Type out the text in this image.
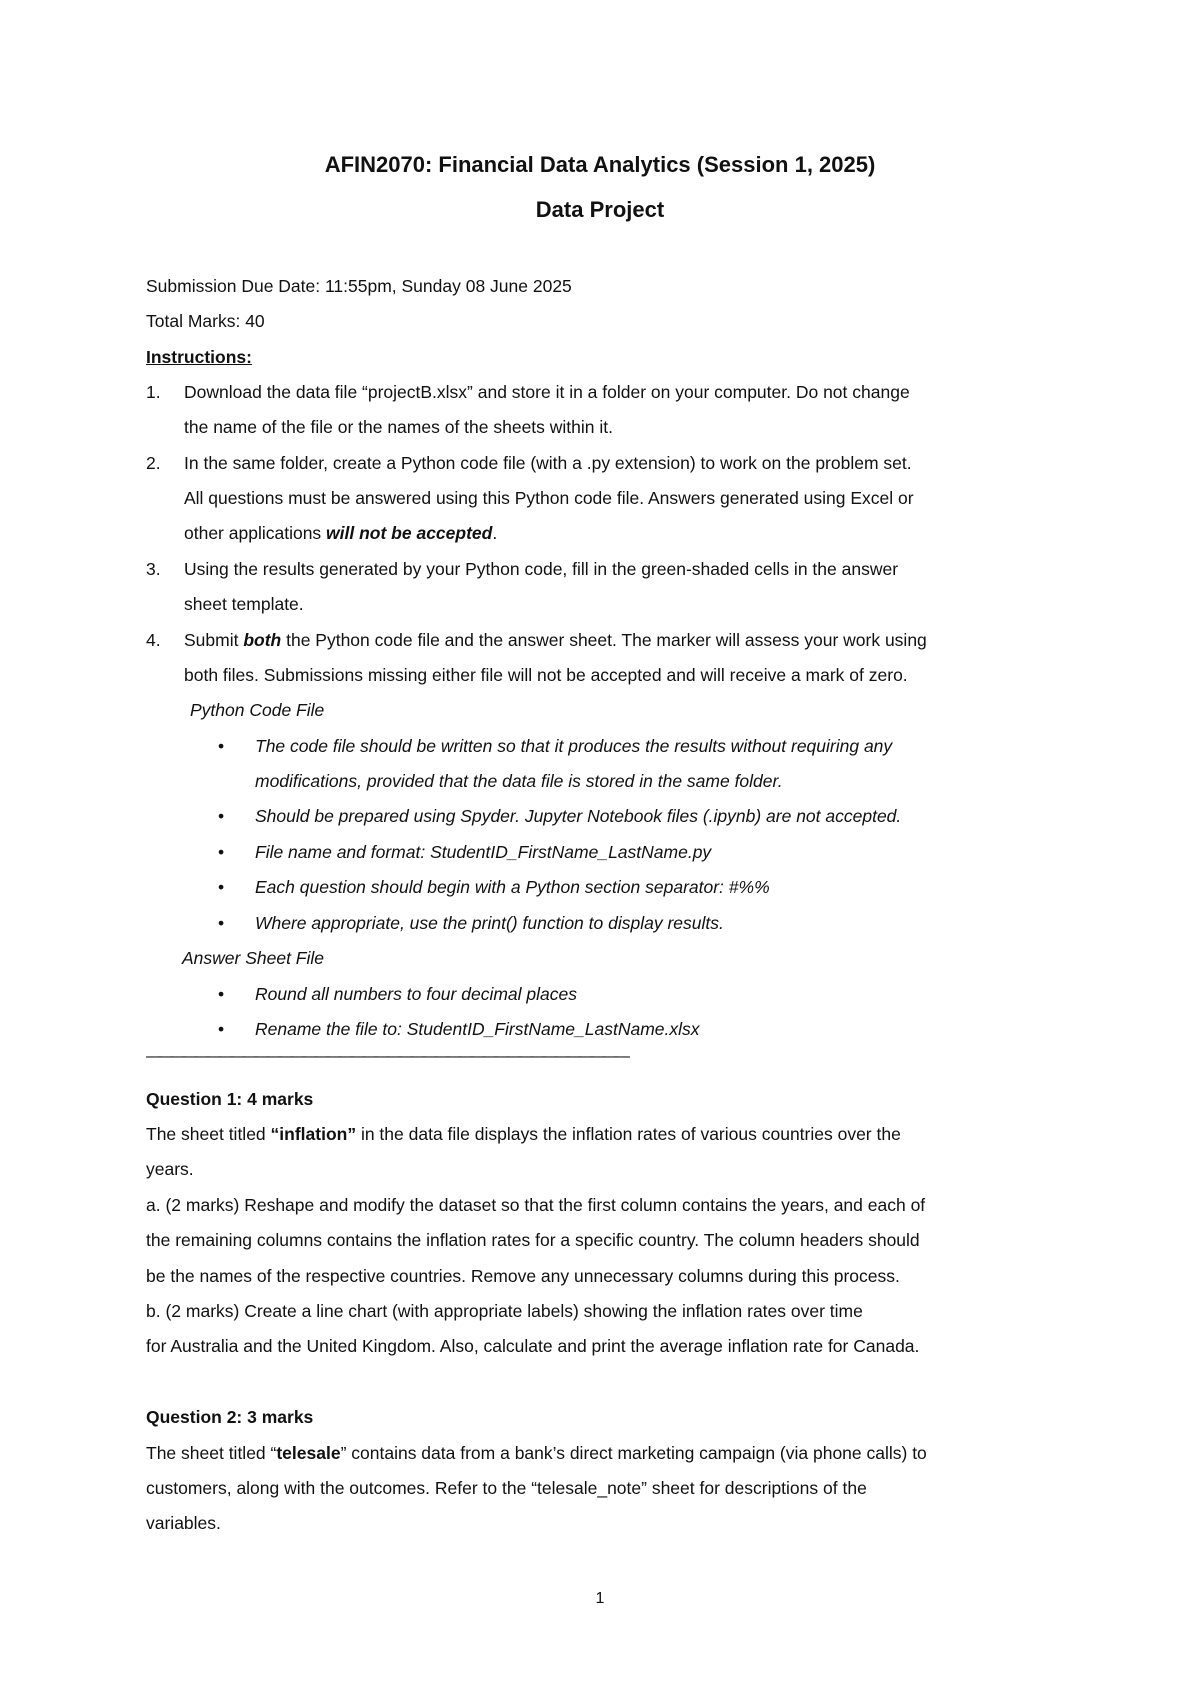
AFIN2070: Financial Data Analytics (Session 1, 2025)
Data Project
Submission Due Date: 11:55pm, Sunday 08 June 2025
Total Marks: 40
Instructions:
1. Download the data file “projectB.xlsx” and store it in a folder on your computer. Do not change
the name of the file or the names of the sheets within it.
2. In the same folder, create a Python code file (with a .py extension) to work on the problem set.
All questions must be answered using this Python code file. Answers generated using Excel or
other applications will not be accepted.
3. Using the results generated by your Python code, fill in the green-shaded cells in the answer
sheet template.
4. Submit both the Python code file and the answer sheet. The marker will assess your work using
both files. Submissions missing either file will not be accepted and will receive a mark of zero.
Python Code File
• The code file should be written so that it produces the results without requiring any
modifications, provided that the data file is stored in the same folder.
• Should be prepared using Spyder. Jupyter Notebook files (.ipynb) are not accepted.
• File name and format: StudentID_FirstName_LastName.py
• Each question should begin with a Python section separator: #%%
• Where appropriate, use the print() function to display results.
Answer Sheet File
• Round all numbers to four decimal places
• Rename the file to: StudentID_FirstName_LastName.xlsx
————————————————————————————————————————
Question 1: 4 marks
The sheet titled “inflation” in the data file displays the inflation rates of various countries over the
years.
a. (2 marks) Reshape and modify the dataset so that the first column contains the years, and each of
the remaining columns contains the inflation rates for a specific country. The column headers should
be the names of the respective countries. Remove any unnecessary columns during this process.
b. (2 marks) Create a line chart (with appropriate labels) showing the inflation rates over time
for Australia and the United Kingdom. Also, calculate and print the average inflation rate for Canada.
Question 2: 3 marks
The sheet titled “telesale” contains data from a bank’s direct marketing campaign (via phone calls) to
customers, along with the outcomes. Refer to the “telesale_note” sheet for descriptions of the
variables.
1
